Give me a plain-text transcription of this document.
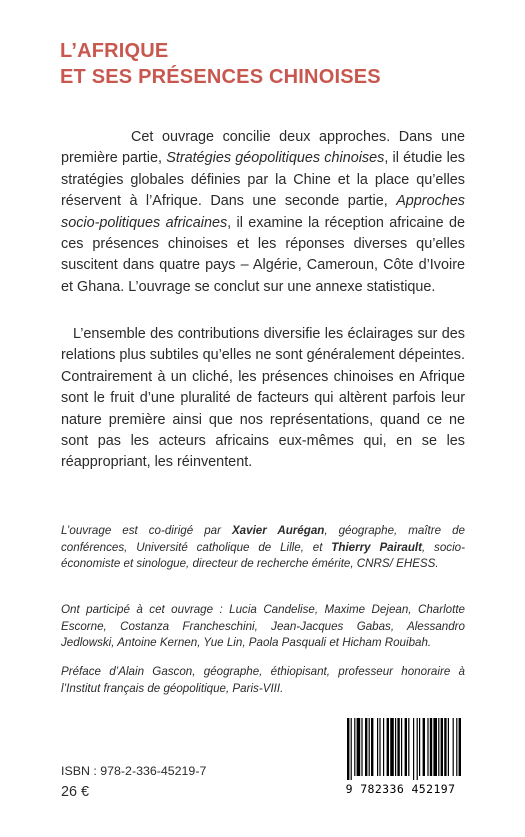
L’AFRIQUE
ET SES PRÉSENCES CHINOISES

Cet ouvrage concilie deux approches. Dans une première partie, Stratégies géopolitiques chinoises, il étudie les stratégies globales définies par la Chine et la place qu’elles réservent à l’Afrique. Dans une seconde partie, Approches socio-politiques africaines, il examine la réception africaine de ces présences chinoises et les réponses diverses qu’elles suscitent dans quatre pays – Algérie, Cameroun, Côte d’Ivoire et Ghana. L’ouvrage se conclut sur une annexe statistique.

L’ensemble des contributions diversifie les éclairages sur des relations plus subtiles qu’elles ne sont généralement dépeintes. Contrairement à un cliché, les présences chinoises en Afrique sont le fruit d’une pluralité de facteurs qui altèrent parfois leur nature première ainsi que nos représentations, quand ce ne sont pas les acteurs africains eux-mêmes qui, en se les réappropriant, les réinventent.

L’ouvrage est co-dirigé par Xavier Aurégan, géographe, maître de conférences, Université catholique de Lille, et Thierry Pairault, socio-économiste et sinologue, directeur de recherche émérite, CNRS/ EHESS.
Ont participé à cet ouvrage : Lucia Candelise, Maxime Dejean, Charlotte Escorne, Costanza Francheschini, Jean-Jacques Gabas, Alessandro Jedlowski, Antoine Kernen, Yue Lin, Paola Pasquali et Hicham Rouibah.
Préface d’Alain Gascon, géographe, éthiopisant, professeur honoraire à l’Institut français de géopolitique, Paris-VIII.
ISBN : 978-2-336-45219-7
26 €	9 782336 452197
